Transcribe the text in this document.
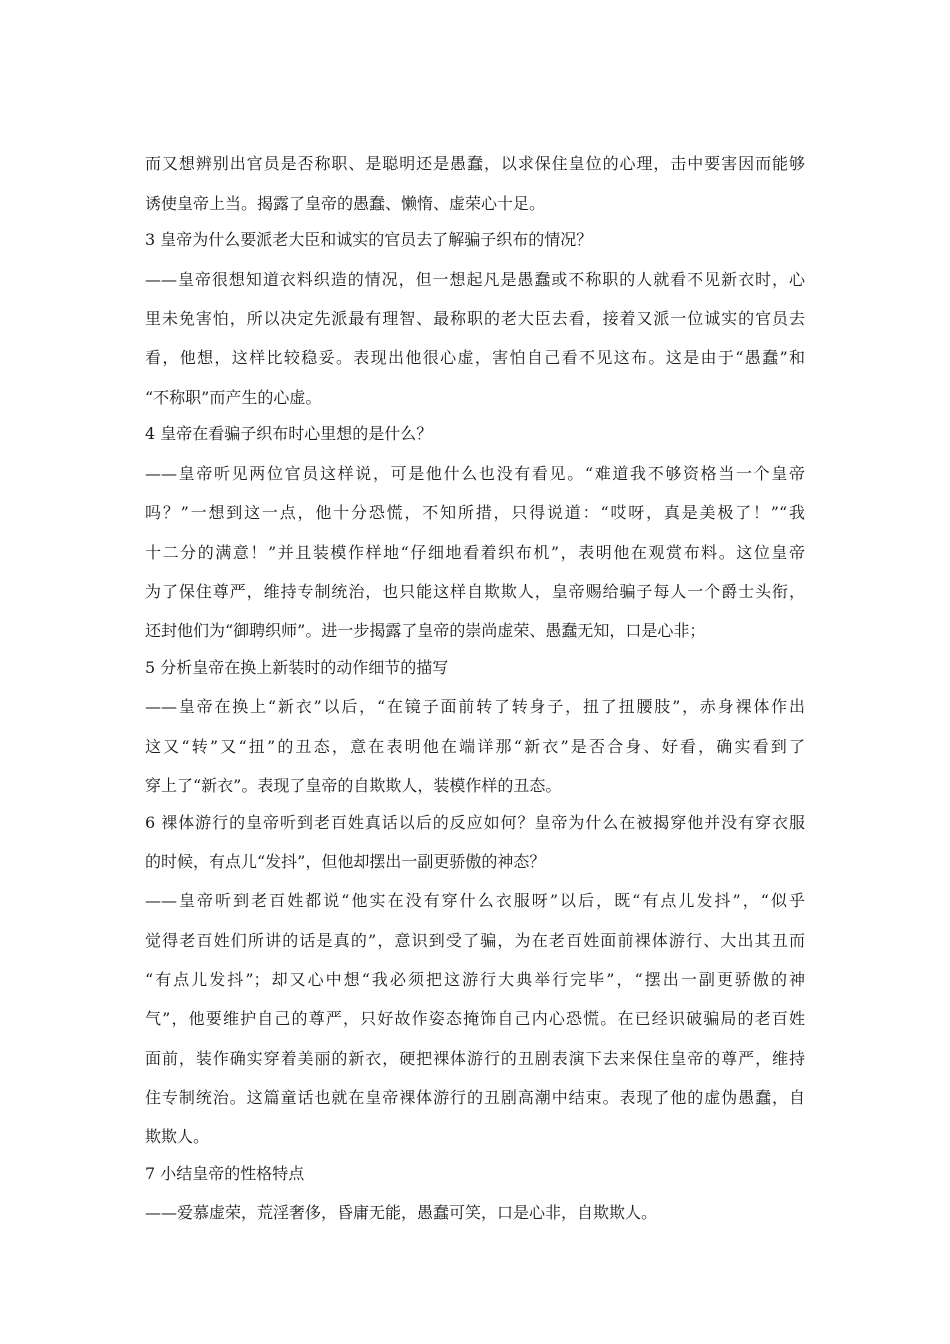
而又想辨别出官员是否称职、是聪明还是愚蠢，以求保住皇位的心理，击中要害因而能够
诱使皇帝上当。揭露了皇帝的愚蠢、懒惰、虚荣心十足。
3 皇帝为什么要派老大臣和诚实的官员去了解骗子织布的情况？
——皇帝很想知道衣料织造的情况，但一想起凡是愚蠢或不称职的人就看不见新衣时，心
里未免害怕，所以决定先派最有理智、最称职的老大臣去看，接着又派一位诚实的官员去
看，他想，这样比较稳妥。表现出他很心虚，害怕自己看不见这布。这是由于“愚蠢”和
“不称职”而产生的心虚。
4 皇帝在看骗子织布时心里想的是什么？
——皇帝听见两位官员这样说，可是他什么也没有看见。“难道我不够资格当一个皇帝
吗？”一想到这一点，他十分恐慌，不知所措，只得说道：“哎呀，真是美极了！”“我
十二分的满意！”并且装模作样地“仔细地看着织布机”，表明他在观赏布料。这位皇帝
为了保住尊严，维持专制统治，也只能这样自欺欺人，皇帝赐给骗子每人一个爵士头衔，
还封他们为“御聘织师”。进一步揭露了皇帝的崇尚虚荣、愚蠢无知，口是心非；
5 分析皇帝在换上新装时的动作细节的描写
——皇帝在换上“新衣”以后，“在镜子面前转了转身子，扭了扭腰肢”，赤身裸体作出
这又“转”又“扭”的丑态，意在表明他在端详那“新衣”是否合身、好看，确实看到了
穿上了“新衣”。表现了皇帝的自欺欺人，装模作样的丑态。
6 裸体游行的皇帝听到老百姓真话以后的反应如何？皇帝为什么在被揭穿他并没有穿衣服
的时候，有点儿“发抖”，但他却摆出一副更骄傲的神态？
——皇帝听到老百姓都说“他实在没有穿什么衣服呀”以后，既“有点儿发抖”，“似乎
觉得老百姓们所讲的话是真的”，意识到受了骗，为在老百姓面前裸体游行、大出其丑而
“有点儿发抖”；却又心中想“我必须把这游行大典举行完毕”，“摆出一副更骄傲的神
气”，他要维护自己的尊严，只好故作姿态掩饰自己内心恐慌。在已经识破骗局的老百姓
面前，装作确实穿着美丽的新衣，硬把裸体游行的丑剧表演下去来保住皇帝的尊严，维持
住专制统治。这篇童话也就在皇帝裸体游行的丑剧高潮中结束。表现了他的虚伪愚蠢，自
欺欺人。
7 小结皇帝的性格特点
——爱慕虚荣，荒淫奢侈，昏庸无能，愚蠢可笑，口是心非，自欺欺人。
